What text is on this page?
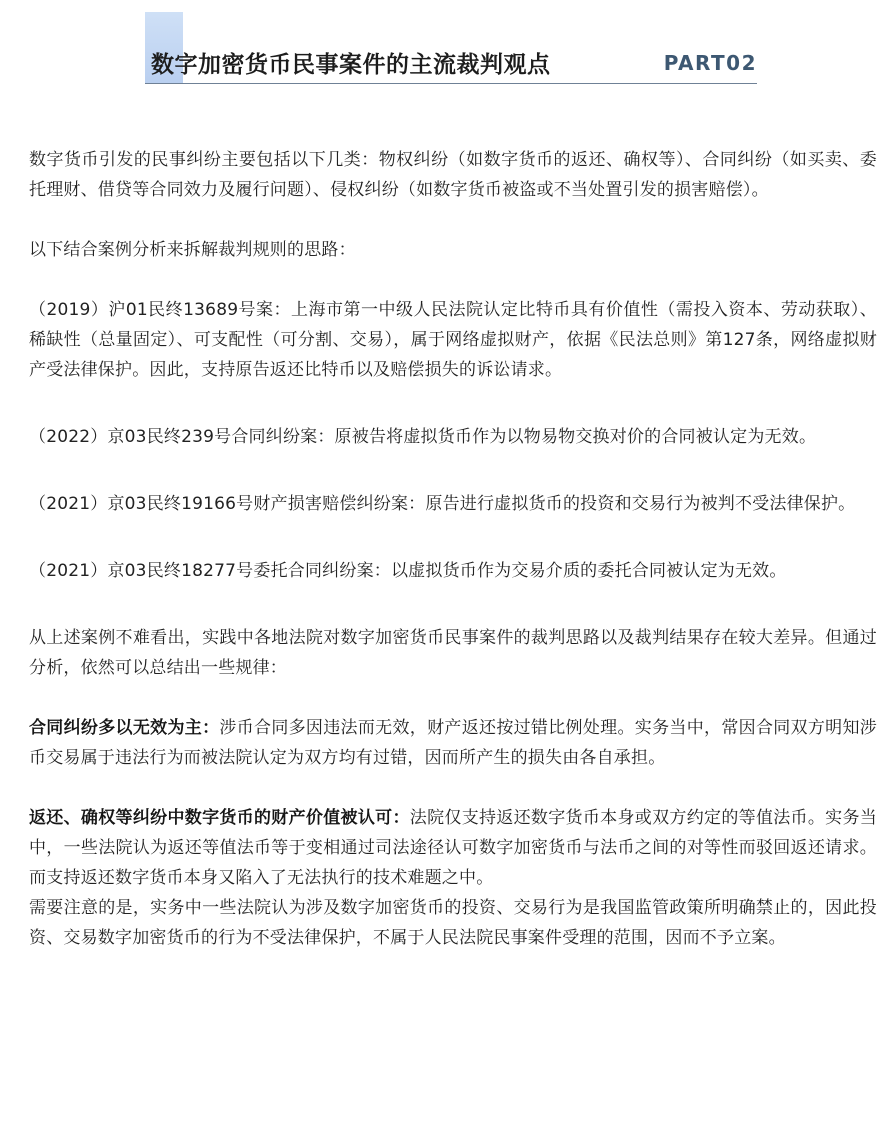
数字加密货币民事案件的主流裁判观点	PART02

数字货币引发的民事纠纷主要包括以下几类：物权纠纷（如数字货币的返还、确权等）、合同纠纷（如买卖、委托理财、借贷等合同效力及履行问题）、侵权纠纷（如数字货币被盗或不当处置引发的损害赔偿）。

以下结合案例分析来拆解裁判规则的思路：

（2019）沪01民终13689号案：上海市第一中级人民法院认定比特币具有价值性（需投入资本、劳动获取）、稀缺性（总量固定）、可支配性（可分割、交易），属于网络虚拟财产，依据《民法总则》第127条，网络虚拟财产受法律保护。因此，支持原告返还比特币以及赔偿损失的诉讼请求。

（2022）京03民终239号合同纠纷案：原被告将虚拟货币作为以物易物交换对价的合同被认定为无效。

（2021）京03民终19166号财产损害赔偿纠纷案：原告进行虚拟货币的投资和交易行为被判不受法律保护。

（2021）京03民终18277号委托合同纠纷案：以虚拟货币作为交易介质的委托合同被认定为无效。

从上述案例不难看出，实践中各地法院对数字加密货币民事案件的裁判思路以及裁判结果存在较大差异。但通过分析，依然可以总结出一些规律：

合同纠纷多以无效为主：涉币合同多因违法而无效，财产返还按过错比例处理。实务当中，常因合同双方明知涉币交易属于违法行为而被法院认定为双方均有过错，因而所产生的损失由各自承担。

返还、确权等纠纷中数字货币的财产价值被认可：法院仅支持返还数字货币本身或双方约定的等值法币。实务当中，一些法院认为返还等值法币等于变相通过司法途径认可数字加密货币与法币之间的对等性而驳回返还请求。而支持返还数字货币本身又陷入了无法执行的技术难题之中。

需要注意的是，实务中一些法院认为涉及数字加密货币的投资、交易行为是我国监管政策所明确禁止的，因此投资、交易数字加密货币的行为不受法律保护，不属于人民法院民事案件受理的范围，因而不予立案。
